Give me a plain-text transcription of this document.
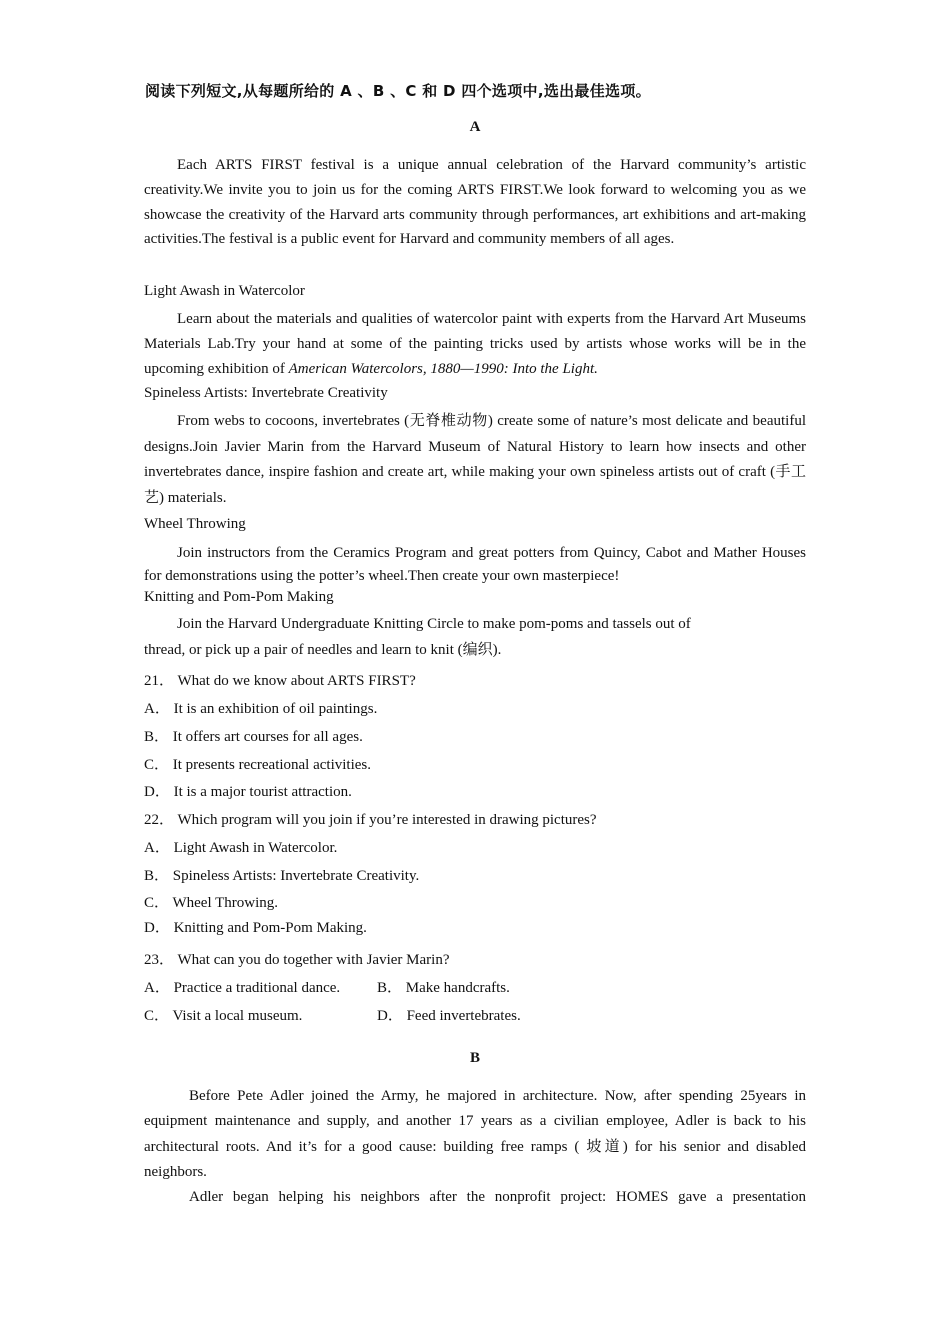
阅读下列短文,从每题所给的 A 、B 、C 和 D 四个选项中,选出最佳选项。
A
Each ARTS FIRST festival is a unique annual celebration of the Harvard community’s artistic creativity.We invite you to join us for the coming ARTS FIRST.We look forward to welcoming you as we showcase the creativity of the Harvard arts community through performances, art exhibitions and art-making activities.The festival is a public event for Harvard and community members of all ages.
Light Awash in Watercolor
Learn about the materials and qualities of watercolor paint with experts from the Harvard Art Museums Materials Lab.Try your hand at some of the painting tricks used by artists whose works will be in the upcoming exhibition of American Watercolors, 1880—1990: Into the Light.
Spineless Artists: Invertebrate Creativity
From webs to cocoons, invertebrates (无脊椎动物) create some of nature’s most delicate and beautiful designs.Join Javier Marin from the Harvard Museum of Natural History to learn how insects and other invertebrates dance, inspire fashion and create art, while making your own spineless artists out of craft (手工艺) materials.
Wheel Throwing
Join instructors from the Ceramics Program and great potters from Quincy, Cabot and Mather Houses for demonstrations using the potter’s wheel.Then create your own masterpiece!
Knitting and Pom-Pom Making
Join the Harvard Undergraduate Knitting Circle to make pom-poms and tassels out of
thread, or pick up a pair of needles and learn to knit (编织).
21． What do we know about ARTS FIRST?
A． It is an exhibition of oil paintings.
B． It offers art courses for all ages.
C． It presents recreational activities.
D． It is a major tourist attraction.
22． Which program will you join if you’re interested in drawing pictures?
A． Light Awash in Watercolor.
B． Spineless Artists: Invertebrate Creativity.
C． Wheel Throwing.
D． Knitting and Pom-Pom Making.
23． What can you do together with Javier Marin?
A． Practice a traditional dance. B． Make handcrafts.
C． Visit a local museum.	D． Feed invertebrates.
B
Before Pete Adler joined the Army, he majored in architecture. Now, after spending 25years in equipment maintenance and supply, and another 17 years as a civilian employee, Adler is back to his architectural roots. And it’s for a good cause: building free ramps ( 坡道) for his senior and disabled neighbors.
Adler began helping his neighbors after the nonprofit project: HOMES gave a presentation
